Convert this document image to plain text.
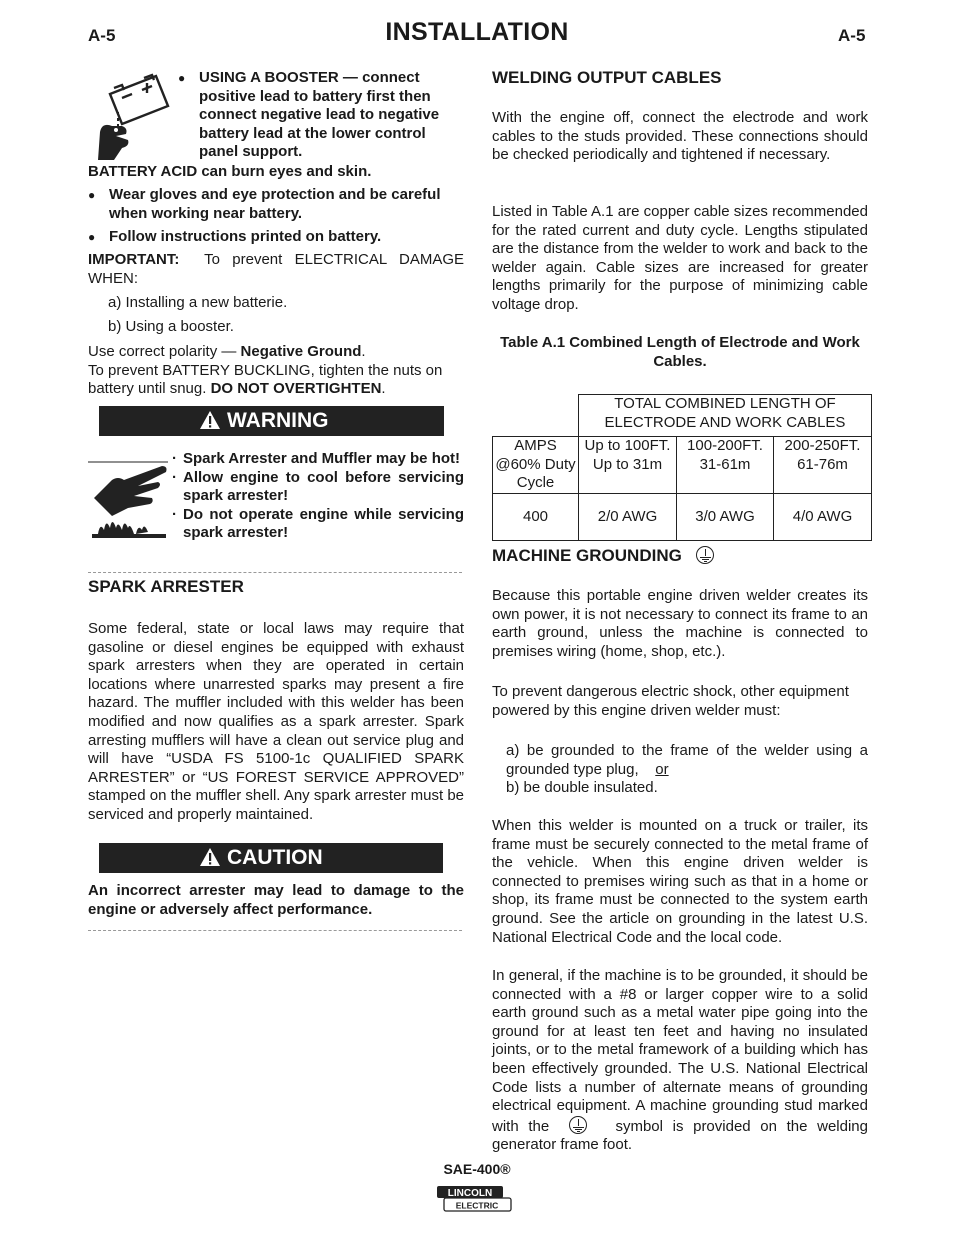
A-5	INSTALLATION	A-5
● USING A BOOSTER — connect positive lead to battery first then connect negative lead to negative battery lead at the lower control panel support.
BATTERY ACID can burn eyes and skin.
● Wear gloves and eye protection and be careful when working near battery.
● Follow instructions printed on battery.
IMPORTANT: To prevent ELECTRICAL DAMAGE WHEN:
a) Installing a new batterie.
b) Using a booster.
Use correct polarity — Negative Ground.
To prevent BATTERY BUCKLING, tighten the nuts on battery until snug. DO NOT OVERTIGHTEN.
WARNING
· Spark Arrester and Muffler may be hot!
· Allow engine to cool before servicing spark arrester!
· Do not operate engine while servicing spark arrester!
SPARK ARRESTER
Some federal, state or local laws may require that gasoline or diesel engines be equipped with exhaust spark arresters when they are operated in certain locations where unarrested sparks may present a fire hazard. The muffler included with this welder has been modified and now qualifies as a spark arrester. Spark arresting mufflers will have a clean out service plug and will have “USDA FS 5100-1c QUALIFIED SPARK ARRESTER” or “US FOREST SERVICE APPROVED” stamped on the muffler shell. Any spark arrester must be serviced and properly maintained.
CAUTION
An incorrect arrester may lead to damage to the engine or adversely affect performance.
WELDING OUTPUT CABLES
With the engine off, connect the electrode and work cables to the studs provided. These connections should be checked periodically and tightened if necessary.
Listed in Table A.1 are copper cable sizes recommended for the rated current and duty cycle. Lengths stipulated are the distance from the welder to work and back to the welder again. Cable sizes are increased for greater lengths primarily for the purpose of minimizing cable voltage drop.
Table A.1 Combined Length of Electrode and Work Cables.
	TOTAL COMBINED LENGTH OF ELECTRODE AND WORK CABLES		
AMPS @60% Duty Cycle	Up to 100FT. Up to 31m	100-200FT. 31-61m	200-250FT. 61-76m
400	2/0 AWG	3/0 AWG	4/0 AWG
MACHINE GROUNDING
Because this portable engine driven welder creates its own power, it is not necessary to connect its frame to an earth ground, unless the machine is connected to premises wiring (home, shop, etc.).
To prevent dangerous electric shock, other equipment powered by this engine driven welder must:
a) be grounded to the frame of the welder using a grounded type plug, or
b) be double insulated.
When this welder is mounted on a truck or trailer, its frame must be securely connected to the metal frame of the vehicle. When this engine driven welder is connected to premises wiring such as that in a home or shop, its frame must be connected to the system earth ground. See the article on grounding in the latest U.S. National Electrical Code and the local code.
In general, if the machine is to be grounded, it should be connected with a #8 or larger copper wire to a solid earth ground such as a metal water pipe going into the ground for at least ten feet and having no insulated joints, or to the metal framework of a building which has been effectively grounded. The U.S. National Electrical Code lists a number of alternate means of grounding electrical equipment. A machine grounding stud marked with the	symbol is provided on the welding generator frame foot.
SAE-400®
LINCOLN
ELECTRIC
